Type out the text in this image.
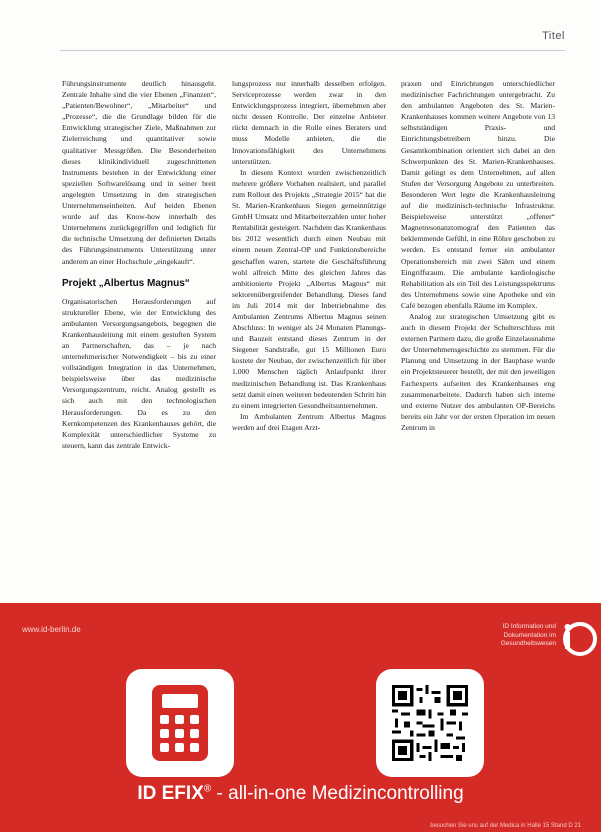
Titel

Führungsinstrumente deutlich hinausgeht. Zentrale Inhalte sind die vier Ebenen „Finanzen“, „Patienten/Bewohner“, „Mitarbeiter“ und „Prozesse“, die die Grundlage bilden für die Entwicklung strategischer Ziele, Maßnahmen zur Zielerreichung und quantitativer sowie qualitativer Messgrößen. Die Besonderheiten dieses klinikindividuell zugeschnittenen Instruments bestehen in der Entwicklung einer speziellen Softwarelösung und in seiner breit angelegten Umsetzung in den strategischen Unternehmenseinheiten. Auf beiden Ebenen wurde auf das Know-how innerhalb des Unternehmens zurückgegriffen und lediglich für die technische Umsetzung der definierten Details des Führungsinstruments Unterstützung unter anderem an einer Hochschule „eingekauft“.

Projekt „Albertus Magnus“

Organisatorischen Herausforderungen auf struktureller Ebene, wie der Entwicklung des ambulanten Versorgungsangebots, begegnen die Krankenhausleitung mit einem gestuften System an Partnerschaften, das – je nach unternehmerischer Notwendigkeit – bis zu einer vollständigen Integration in das Unternehmen, beispielsweise über das medizinische Versorgungszentrum, reicht. Analog gestellt es sich auch mit den technologischen Herausforderungen. Da es zu den Kernkompetenzen des Krankenhauses gehört, die Komplexität unterschiedlicher Systeme zu steuern, kann das zentrale Entwick-

lungsprozess nur innerhalb desselben erfolgen. Serviceprozesse werden zwar in den Entwicklungsprozess integriert, übernehmen aber nicht dessen Kontrolle. Der einzelne Anbieter rückt demnach in die Rolle eines Beraters und muss Modelle anbieten, die die Innovationsfähigkeit des Unternehmens unterstützen.

In diesem Kontext wurden zwischenzeitlich mehrere größere Vorhaben realisiert, und parallel zum Rollout des Projekts „Strategie 2015“ hat die St. Marien-Krankenhaus Siegen gemeinnützige GmbH Umsatz und Mitarbeiterzahlen unter hoher Rentabilität gesteigert. Nachdem das Krankenhaus bis 2012 wesentlich durch einen Neubau mit einem neuen Zentral-OP und Funktionsbereiche geschaffen waren, startete die Geschäftsführung wohl alfreich Mitte des gleichen Jahres das ambitionierte Projekt „Albertus Magnus“ mit sektorenübergreifender Behandlung. Dieses fand im Juli 2014 mit der Inbetriebnahme des Ambulanten Zentrums Albertus Magnus seinen Abschluss: In weniger als 24 Monaten Planungs- und Bauzeit entstand dieses Zentrum in der Siegener Sandstraße, gut 15 Millionen Euro kostete der Neubau, der zwischenzeitlich für über 1.000 Menschen täglich Anlaufpunkt ihrer medizinischen Behandlung ist. Das Krankenhaus setzt damit einen weiteren bedeutenden Schritt hin zu einem integrierten Gesundheitsunternehmen.

Im Ambulanten Zentrum Albertus Magnus werden auf drei Etagen Arzt-

praxen und Einrichtungen unterschiedlicher medizinischer Fachrichtungen untergebracht. Zu den ambulanten Angeboten des St. Marien-Krankenhauses kommen weitere Angebote von 13 selbstständigen Praxis- und Einrichtungsbetreibern hinzu. Die Gesamtkombination orientiert sich dabei an den Schwerpunkten des St. Marien-Krankenhauses. Damit gelingt es dem Unternehmen, auf allen Stufen der Versorgung Angebote zu unterbreiten. Besonderen Wert legte die Krankenhausleitung auf die medizinisch-technische Infrastruktur. Beispielsweise unterstützt „offener“ Magnetresonanztomograf den Patienten das beklemmende Gefühl, in eine Röhre geschoben zu werden. Es entstand ferner ein ambulanter Operationsbereich mit zwei Sälen und einem Eingriffsraum. Die ambulante kardiologische Rehabilitation als ein Teil des Leistungsspektrums des Unternehmens sowie eine Apotheke und ein Café bezogen ebenfalls Räume im Komplex.

Analog zur strategischen Umsetzung gibt es auch in diesem Projekt der Schulterschluss mit externen Partnern dazu, die große Einzelausnahme der Unternehmensgeschichte zu stemmen. Für die Planung und Umsetzung in der Bauphase wurde ein Projektsteuerer bestellt, der mit den jeweiligen Fachexperts aufseiten des Krankenhauses eng zusammenarbeitete. Dadurch haben sich interne und externe Nutzer des ambulanten OP-Bereichs bereits ein Jahr vor der ersten Operation im neuen Zentrum in

www.id-berlin.de	ID Information und
Dokumentation im
Gesundheitswesen
ID EFIX® - all-in-one Medizincontrolling
besuchen Sie uns auf der Medica in Halle 15 Stand D 21
